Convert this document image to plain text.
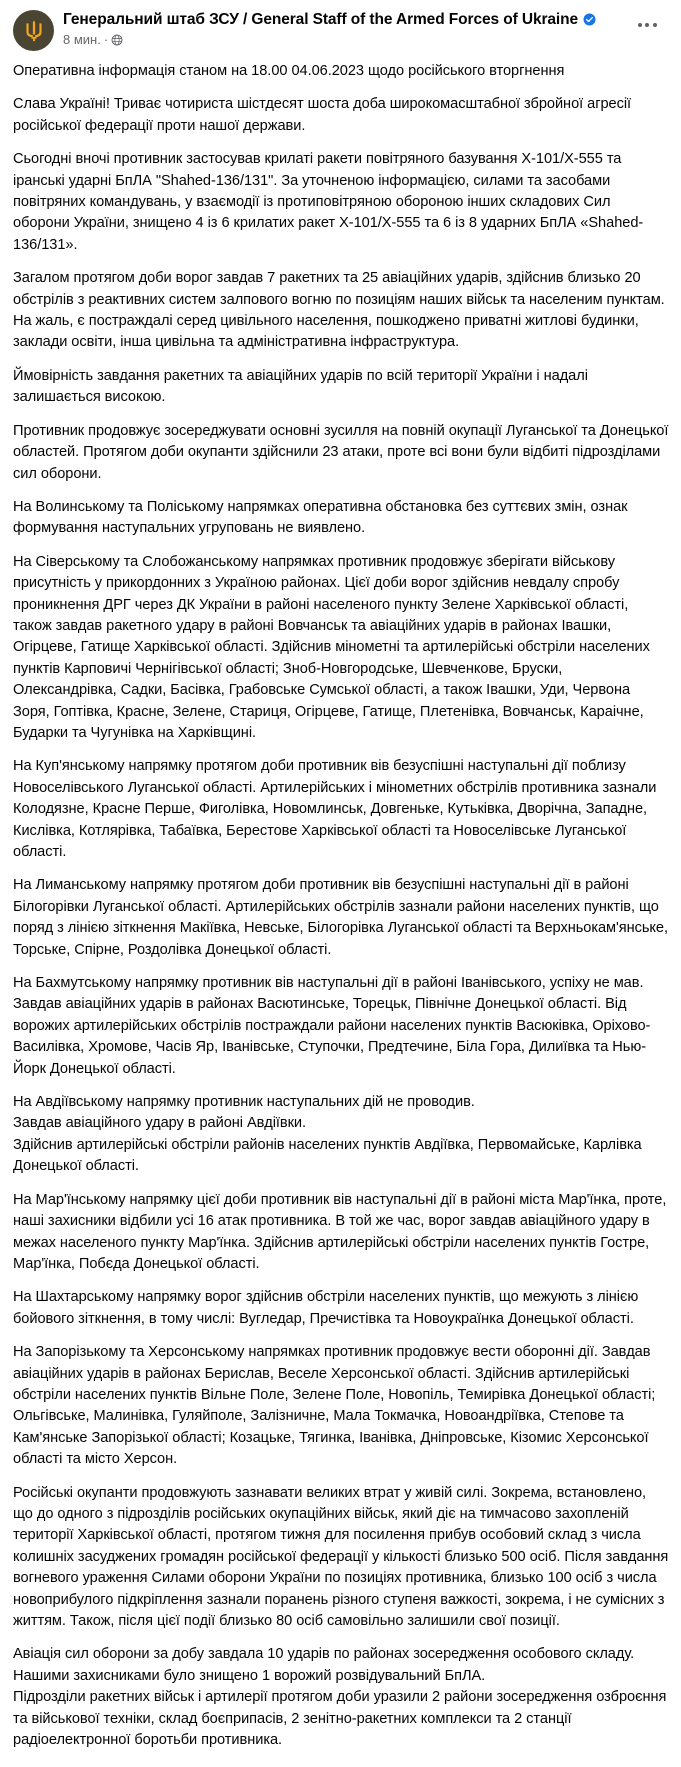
Генеральний штаб ЗСУ / General Staff of the Armed Forces of Ukraine
8 мин. ·

Оперативна інформація станом на 18.00 04.06.2023 щодо російського вторгнення

Слава Україні! Триває чотириста шістдесят шоста доба широкомасштабної збройної агресії російської федерації проти нашої держави.

Сьогодні вночі противник застосував крилаті ракети повітряного базування Х-101/Х-555 та іранські ударні БпЛА "Shahed-136/131". За уточненою інформацією, силами та засобами повітряних командувань, у взаємодії із протиповітряною обороною інших складових Сил оборони України, знищено 4 із 6 крилатих ракет Х-101/Х-555 та 6 із 8 ударних БпЛА «Shahed-136/131».

Загалом протягом доби ворог завдав 7 ракетних та 25 авіаційних ударів, здійснив близько 20 обстрілів з реактивних систем залпового вогню по позиціям наших військ та населеним пунктам. На жаль, є постраждалі серед цивільного населення, пошкоджено приватні житлові будинки, заклади освіти, інша цивільна та адміністративна інфраструктура.

Ймовірність завдання ракетних та авіаційних ударів по всій території України і надалі залишається високою.

Противник продовжує зосереджувати основні зусилля на повній окупації Луганської та Донецької областей. Протягом доби окупанти здійснили 23 атаки, проте всі вони були відбиті підрозділами сил оборони.

На Волинському та Поліському напрямках оперативна обстановка без суттєвих змін, ознак формування наступальних угруповань не виявлено.

На Сіверському та Слобожанському напрямках противник продовжує зберігати військову присутність у прикордонних з Україною районах. Цієї доби ворог здійснив невдалу спробу проникнення ДРГ через ДК України в районі населеного пункту Зелене Харківської області, також завдав ракетного удару в районі Вовчанськ та авіаційних ударів в районах Івашки, Огірцеве, Гатище Харківської області. Здійснив мінометні та артилерійські обстріли населених пунктів Карповичі Чернігівської області; Зноб-Новгородське, Шевченкове, Бруски, Олександрівка, Садки, Басівка, Грабовське Сумської області, а також Івашки, Уди, Червона Зоря, Гоптівка, Красне, Зелене, Стариця, Огірцеве, Гатище, Плетенівка, Вовчанськ, Караічне, Бударки та Чугунівка на Харківщині.

На Куп'янському напрямку протягом доби противник вів безуспішні наступальні дії поблизу Новоселівського Луганської області. Артилерійських і мінометних обстрілів противника зазнали Колодязне, Красне Перше, Фиголівка, Новомлинськ, Довгеньке, Кутьківка, Дворічна, Западне, Кислівка, Котлярівка, Табаївка, Берестове Харківської області та Новоселівське Луганської області.

На Лиманському напрямку протягом доби противник вів безуспішні наступальні дії в районі Білогорівки Луганської області. Артилерійських обстрілів зазнали райони населених пунктів, що поряд з лінією зіткнення Макіївка, Невське, Білогорівка Луганської області та Верхньокам'янське, Торське, Спірне, Роздолівка Донецької області.

На Бахмутському напрямку противник вів наступальні дії в районі Іванівського, успіху не мав. Завдав авіаційних ударів в районах Васютинське, Торецьк, Північне Донецької області. Від ворожих артилерійських обстрілів постраждали райони населених пунктів Васюківка, Оріхово-Василівка, Хромове, Часів Яр, Іванівське, Ступочки, Предтечине, Біла Гора, Дилиївка та Нью-Йорк Донецької області.

На Авдіївському напрямку противник наступальних дій не проводив.

Завдав авіаційного удару в районі Авдіївки.

Здійснив артилерійські обстріли районів населених пунктів Авдіївка, Первомайське, Карлівка Донецької області.

На Мар'їнському напрямку цієї доби противник вів наступальні дії в районі міста Мар'їнка, проте, наші захисники відбили усі 16 атак противника. В той же час, ворог завдав авіаційного удару в межах населеного пункту Мар'їнка. Здійснив артилерійські обстріли населених пунктів Гостре, Мар'їнка, Побєда Донецької області.

На Шахтарському напрямку ворог здійснив обстріли населених пунктів, що межують з лінією бойового зіткнення, в тому числі: Вугледар, Пречистівка та Новоукраїнка Донецької області.

На Запорізькому та Херсонському напрямках противник продовжує вести оборонні дії. Завдав авіаційних ударів в районах Берислав, Веселе Херсонської області. Здійснив артилерійські обстріли населених пунктів Вільне Поле, Зелене Поле, Новопіль, Темирівка Донецької області; Ольгівське, Малинівка, Гуляйполе, Залізничне, Мала Токмачка, Новоандріївка, Степове та Кам'янське Запорізької області; Козацьке, Тягинка, Іванівка, Дніпровське, Кізомис Херсонської області та місто Херсон.

Російські окупанти продовжують зазнавати великих втрат у живій силі. Зокрема, встановлено, що до одного з підрозділів російських окупаційних військ, який діє на тимчасово захопленій території Харківської області, протягом тижня для посилення прибув особовий склад з числа колишніх засуджених громадян російської федерації у кількості близько 500 осіб. Після завдання вогневого ураження Силами оборони України по позиціях противника, близько 100 осіб з числа новоприбулого підкріплення зазнали поранень різного ступеня важкості, зокрема, і не сумісних з життям. Також, після цієї події близько 80 осіб самовільно залишили свої позиції.

Авіація сил оборони за добу завдала 10 ударів по районах зосередження особового складу.

Нашими захисниками було знищено 1 ворожий розвідувальний БпЛА.

Підрозділи ракетних військ і артилерії протягом доби уразили 2 райони зосередження озброєння та військової техніки, склад боєприпасів, 2 зенітно-ракетних комплекси та 2 станції радіоелектронної боротьби противника.
